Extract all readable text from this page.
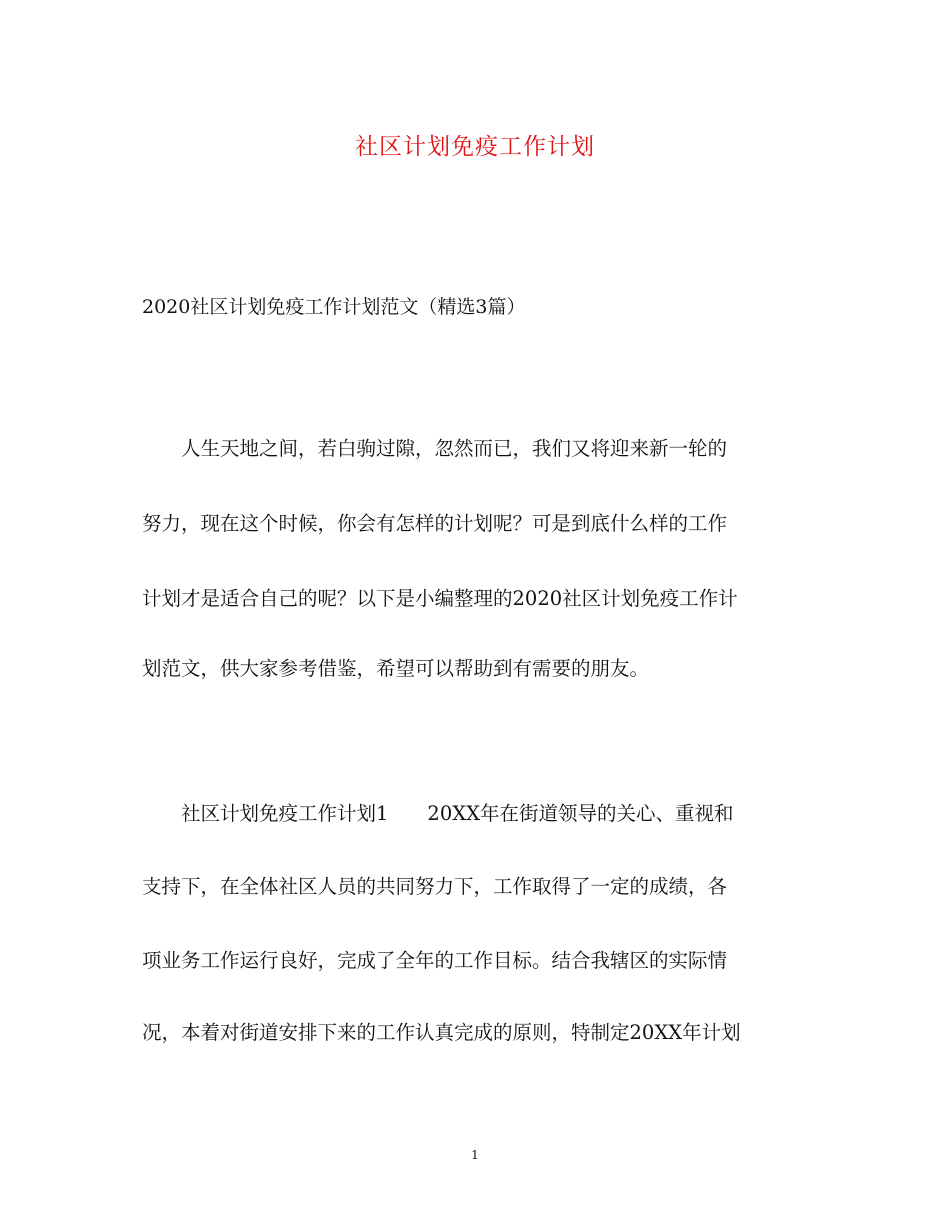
社区计划免疫工作计划
2020社区计划免疫工作计划范文（精选3篇）
　　人生天地之间，若白驹过隙，忽然而已，我们又将迎来新一轮的
努力，现在这个时候，你会有怎样的计划呢？可是到底什么样的工作
计划才是适合自己的呢？以下是小编整理的2020社区计划免疫工作计
划范文，供大家参考借鉴，希望可以帮助到有需要的朋友。
　　社区计划免疫工作计划1　　20XX年在街道领导的关心、重视和
支持下，在全体社区人员的共同努力下，工作取得了一定的成绩，各
项业务工作运行良好，完成了全年的工作目标。结合我辖区的实际情
况，本着对街道安排下来的工作认真完成的原则，特制定20XX年计划
1
